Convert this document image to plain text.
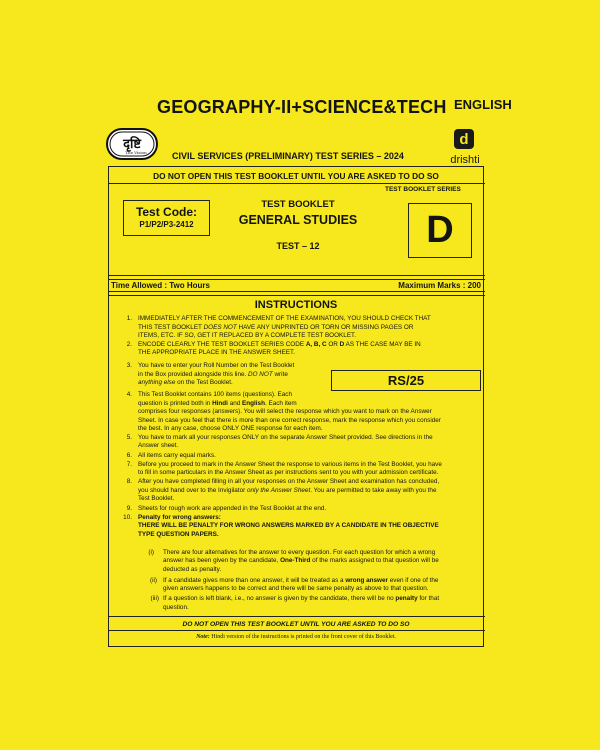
GEOGRAPHY-II+SCIENCE&TECH ENGLISH
दृष्टि
The Vision
d
drishti
CIVIL SERVICES (PRELIMINARY) TEST SERIES – 2024
DO NOT OPEN THIS TEST BOOKLET UNTIL YOU ARE ASKED TO DO SO
TEST BOOKLET SERIES
Test Code:
P1/P2/P3-2412
TEST BOOKLET
GENERAL STUDIES
TEST – 12	D
Time Allowed : Two Hours	Maximum Marks : 200
INSTRUCTIONS
1. IMMEDIATELY AFTER THE COMMENCEMENT OF THE EXAMINATION, YOU SHOULD CHECK THAT
THIS TEST BOOKLET DOES NOT HAVE ANY UNPRINTED OR TORN OR MISSING PAGES OR
ITEMS, ETC. IF SO, GET IT REPLACED BY A COMPLETE TEST BOOKLET.
2. ENCODE CLEARLY THE TEST BOOKLET SERIES CODE A, B, C OR D AS THE CASE MAY BE IN
THE APPROPRIATE PLACE IN THE ANSWER SHEET.
3. You have to enter your Roll Number on the Test Booklet
in the Box provided alongside this line. DO NOT write
anything else on the Test Booklet.	RS/25
4. This Test Booklet contains 100 items (questions). Each
question is printed both in Hindi and English. Each item
comprises four responses (answers). You will select the response which you want to mark on the Answer
Sheet. In case you feel that there is more than one correct response, mark the response which you consider
the best. In any case, choose ONLY ONE response for each item.
5. You have to mark all your responses ONLY on the separate Answer Sheet provided. See directions in the
Answer sheet.
6. All items carry equal marks.
7. Before you proceed to mark in the Answer Sheet the response to various items in the Test Booklet, you have
to fill in some particulars in the Answer Sheet as per instructions sent to you with your admission certificate.
8. After you have completed filling in all your responses on the Answer Sheet and examination has concluded,
you should hand over to the Invigilator only the Answer Sheet. You are permitted to take away with you the
Test Booklet.
9. Sheets for rough work are appended in the Test Booklet at the end.
10. Penalty for wrong answers:
THERE WILL BE PENALTY FOR WRONG ANSWERS MARKED BY A CANDIDATE IN THE OBJECTIVE
TYPE QUESTION PAPERS.
(i) There are four alternatives for the answer to every question. For each question for which a wrong
answer has been given by the candidate, One-Third of the marks assigned to that question will be
deducted as penalty.
(ii) If a candidate gives more than one answer, it will be treated as a wrong answer even if one of the
given answers happens to be correct and there will be same penalty as above to that question.
(iii) If a question is left blank, i.e., no answer is given by the candidate, there will be no penalty for that
question.
DO NOT OPEN THIS TEST BOOKLET UNTIL YOU ARE ASKED TO DO SO
Note: Hindi version of the instructions is printed on the front cover of this Booklet.
